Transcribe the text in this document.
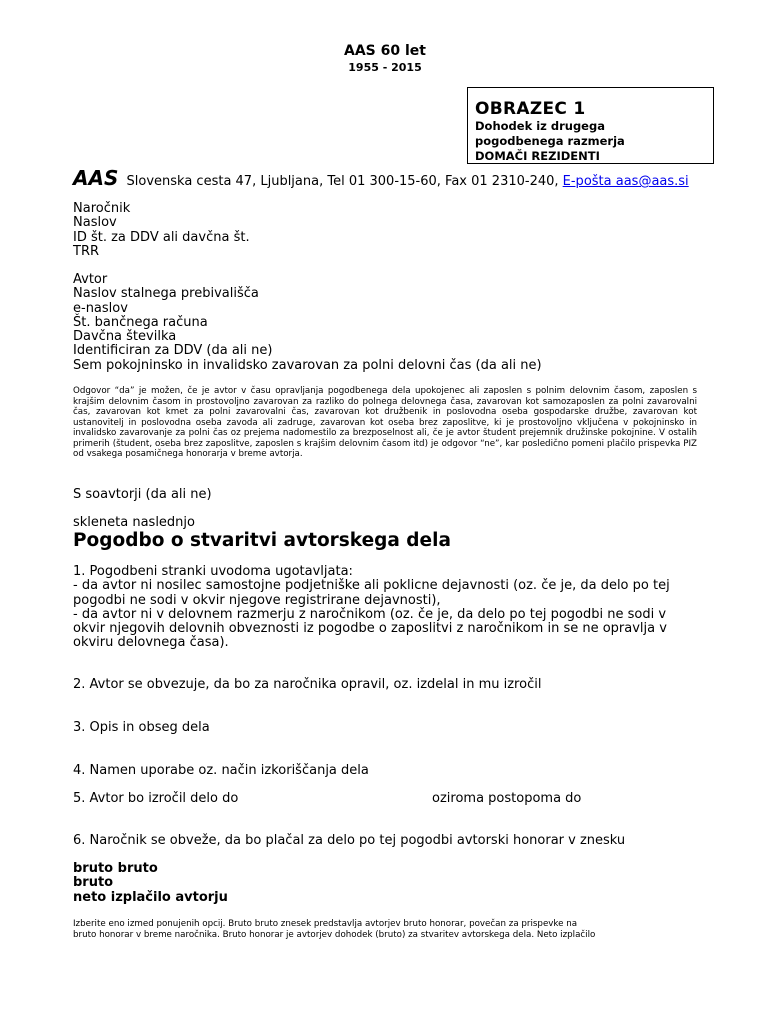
AAS 60 let
1955 - 2015
OBRAZEC 1
Dohodek iz drugega
pogodbenega razmerja
DOMAČI REZIDENTI
AAS Slovenska cesta 47, Ljubljana, Tel 01 300-15-60, Fax 01 2310-240, E-pošta aas@aas.si
Naročnik
Naslov
ID št. za DDV ali davčna št.
TRR
Avtor
Naslov stalnega prebivališča
e-naslov
Št. bančnega računa
Davčna številka
Identificiran za DDV (da ali ne)
Sem pokojninsko in invalidsko zavarovan za polni delovni čas (da ali ne)
Odgovor “da” je možen, če je avtor v času opravljanja pogodbenega dela upokojenec ali zaposlen s polnim delovnim časom, zaposlen s krajšim delovnim časom in prostovoljno zavarovan za razliko do polnega delovnega časa, zavarovan kot samozaposlen za polni zavarovalni čas, zavarovan kot kmet za polni zavarovalni čas, zavarovan kot družbenik in poslovodna oseba gospodarske družbe, zavarovan kot ustanovitelj in poslovodna oseba zavoda ali zadruge, zavarovan kot oseba brez zaposlitve, ki je prostovoljno vključena v pokojninsko in invalidsko zavarovanje za polni čas oz prejema nadomestilo za brezposelnost ali, če je avtor študent prejemnik družinske pokojnine. V ostalih primerih (študent, oseba brez zaposlitve, zaposlen s krajšim delovnim časom itd) je odgovor “ne”, kar posledično pomeni plačilo prispevka PIZ od vsakega posamičnega honorarja v breme avtorja.
S soavtorji (da ali ne)
skleneta naslednjo
Pogodbo o stvaritvi avtorskega dela
1. Pogodbeni stranki uvodoma ugotavljata:
- da avtor ni nosilec samostojne podjetniške ali poklicne dejavnosti (oz. če je, da delo po tej
pogodbi ne sodi v okvir njegove registrirane dejavnosti),
- da avtor ni v delovnem razmerju z naročnikom (oz. če je, da delo po tej pogodbi ne sodi v
okvir njegovih delovnih obveznosti iz pogodbe o zaposlitvi z naročnikom in se ne opravlja v
okviru delovnega časa).
2. Avtor se obvezuje, da bo za naročnika opravil, oz. izdelal in mu izročil
3. Opis in obseg dela
4. Namen uporabe oz. način izkoriščanja dela
5. Avtor bo izročil delo do	oziroma postopoma do
6. Naročnik se obveže, da bo plačal za delo po tej pogodbi avtorski honorar v znesku
bruto bruto
bruto
neto izplačilo avtorju
Izberite eno izmed ponujenih opcij. Bruto bruto znesek predstavlja avtorjev bruto honorar, povečan za prispevke na
bruto honorar v breme naročnika. Bruto honorar je avtorjev dohodek (bruto) za stvaritev avtorskega dela. Neto izplačilo
